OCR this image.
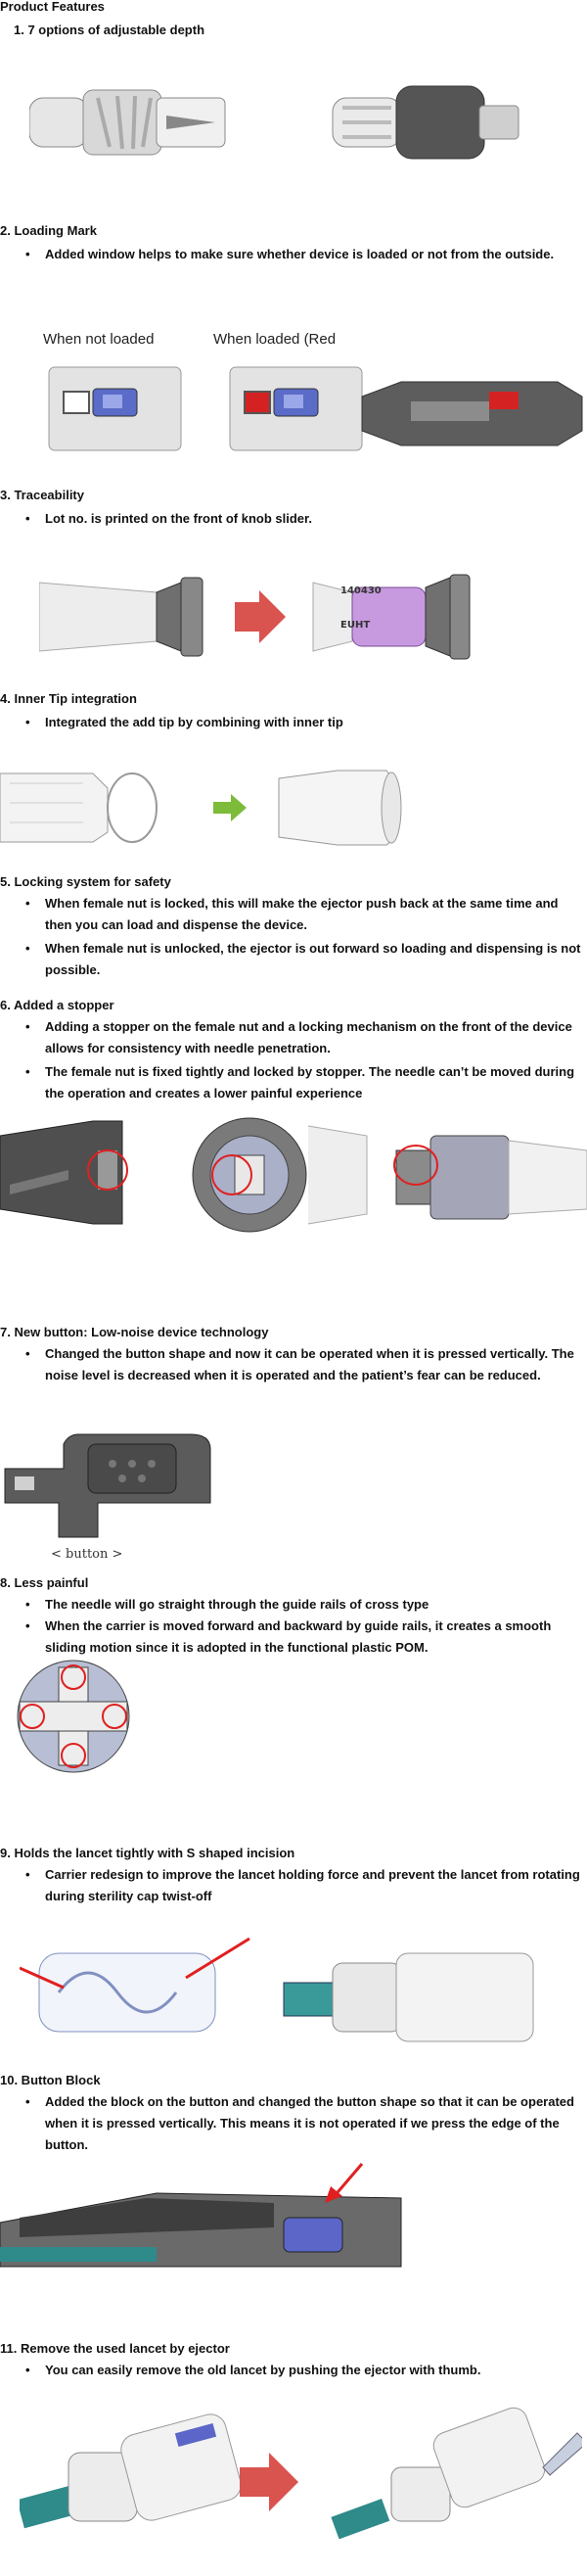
Product Features
1. 7 options of adjustable depth
2. Loading Mark
•	Added window helps to make sure whether device is loaded or not from the outside.
When not loaded	When loaded (Red
3. Traceability
•	Lot no. is printed on the front of knob slider.
140430
EUHT
4. Inner Tip integration
•	Integrated the add tip by combining with inner tip
5. Locking system for safety
•	When female nut is locked, this will make the ejector push back at the same time and then you can load and dispense the device.
•	When female nut is unlocked, the ejector is out forward so loading and dispensing is not possible.
6. Added a stopper
•	Adding a stopper on the female nut and a locking mechanism on the front of the device allows for consistency with needle penetration.
•	The female nut is fixed tightly and locked by stopper. The needle can’t be moved during the operation and creates a lower painful experience
7. New button: Low-noise device technology
•	Changed the button shape and now it can be operated when it is pressed vertically. The noise level is decreased when it is operated and the patient’s fear can be reduced.
< button >
8. Less painful
•	The needle will go straight through the guide rails of cross type
•	When the carrier is moved forward and backward by guide rails, it creates a smooth sliding motion since it is adopted in the functional plastic POM.
9. Holds the lancet tightly with S shaped incision
•	Carrier redesign to improve the lancet holding force and prevent the lancet from rotating during sterility cap twist-off
10. Button Block
•	Added the block on the button and changed the button shape so that it can be operated when it is pressed vertically. This means it is not operated if we press the edge of the button.
11. Remove the used lancet by ejector
•	You can easily remove the old lancet by pushing the ejector with thumb.
